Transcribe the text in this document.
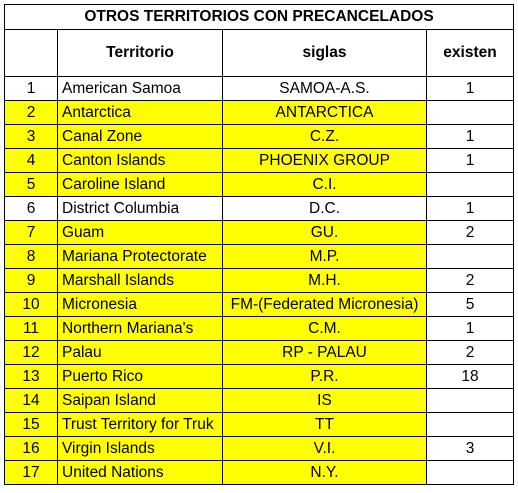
OTROS TERRITORIOS CON PRECANCELADOS			
	Territorio	siglas	existen
1	American Samoa	SAMOA-A.S.	1
2	Antarctica	ANTARCTICA	
3	Canal Zone	C.Z.	1
4	Canton Islands	PHOENIX GROUP	1
5	Caroline Island	C.I.	
6	District Columbia	D.C.	1
7	Guam	GU.	2
8	Mariana Protectorate	M.P.	
9	Marshall Islands	M.H.	2
10	Micronesia	FM-(Federated Micronesia)	5
11	Northern Mariana's	C.M.	1
12	Palau	RP - PALAU	2
13	Puerto Rico	P.R.	18
14	Saipan Island	IS	
15	Trust Territory for Truk	TT	
16	Virgin Islands	V.I.	3
17	United Nations	N.Y.	
